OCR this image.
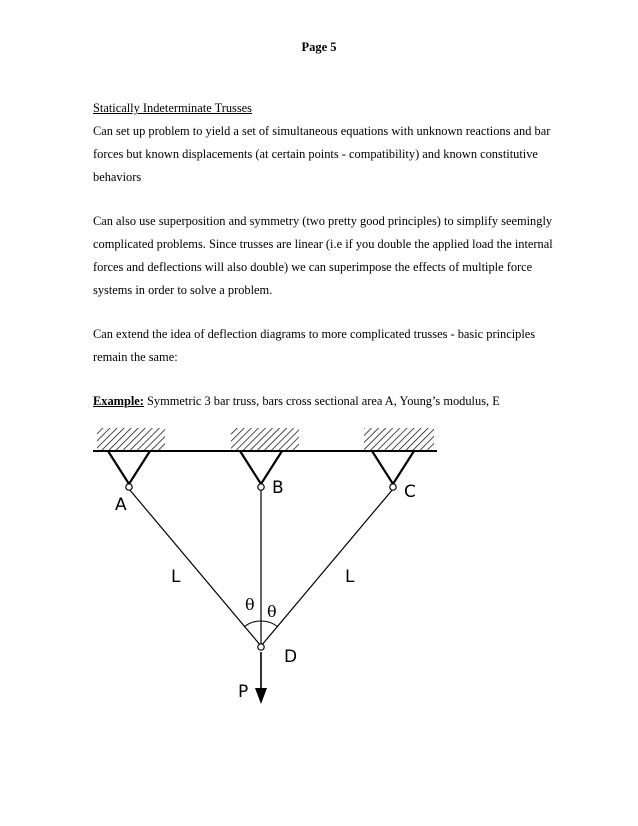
Page 5
Statically Indeterminate Trusses

Can set up problem to yield a set of simultaneous equations with unknown reactions and bar forces but known displacements (at certain points - compatibility) and known constitutive behaviors

Can also use superposition and symmetry (two pretty good principles) to simplify seemingly complicated problems. Since trusses are linear (i.e if you double the applied load the internal forces and deflections will also double) we can superimpose the effects of multiple force systems in order to solve a problem.

Can extend the idea of deflection diagrams to more complicated trusses - basic principles remain the same:

Example: Symmetric 3 bar truss, bars cross sectional area A, Young’s modulus, E

A
B	C
D
L	L
θ θ
P
